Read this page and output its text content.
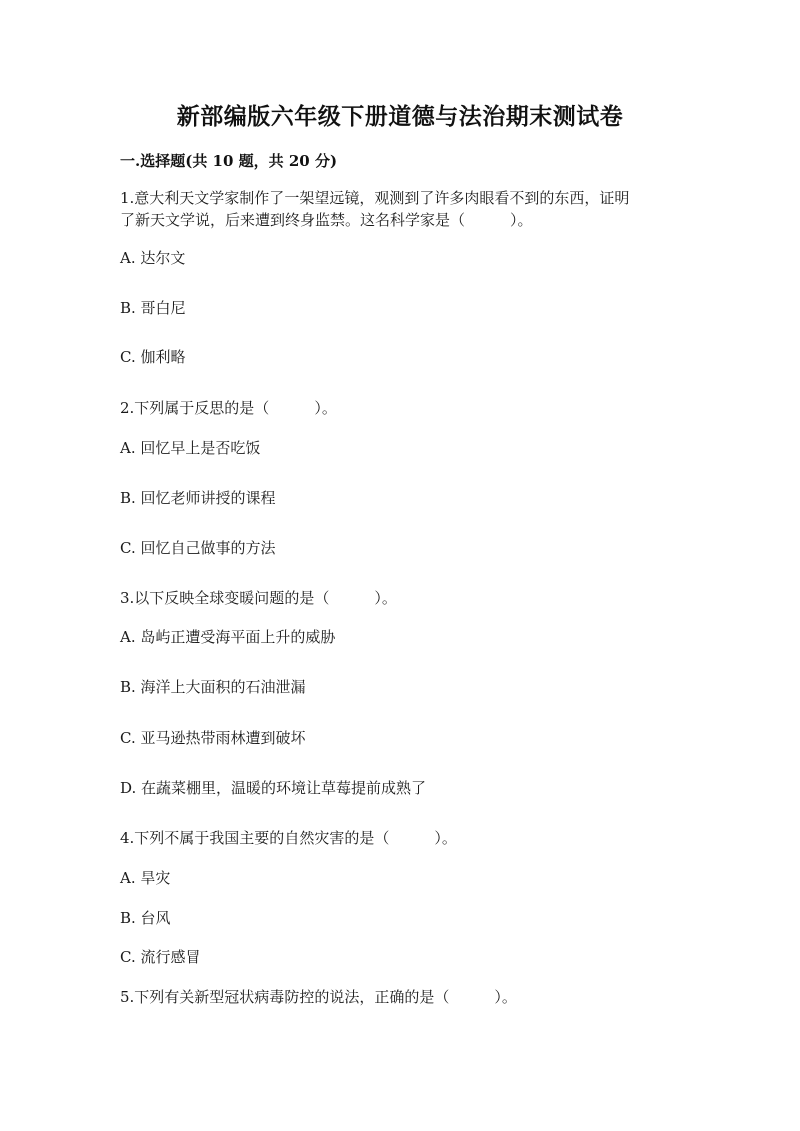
新部编版六年级下册道德与法治期末测试卷
一.选择题(共 10 题，共 20 分)
1.意大利天文学家制作了一架望远镜，观测到了许多肉眼看不到的东西，证明
了新天文学说，后来遭到终身监禁。这名科学家是（　　　）。
A. 达尔文
B. 哥白尼
C. 伽利略
2.下列属于反思的是（　　　）。
A. 回忆早上是否吃饭
B. 回忆老师讲授的课程
C. 回忆自己做事的方法
3.以下反映全球变暖问题的是（　　　）。
A. 岛屿正遭受海平面上升的威胁
B. 海洋上大面积的石油泄漏
C. 亚马逊热带雨林遭到破坏
D. 在蔬菜棚里，温暖的环境让草莓提前成熟了
4.下列不属于我国主要的自然灾害的是（　　　）。
A. 旱灾
B. 台风
C. 流行感冒
5.下列有关新型冠状病毒防控的说法，正确的是（　　　）。
